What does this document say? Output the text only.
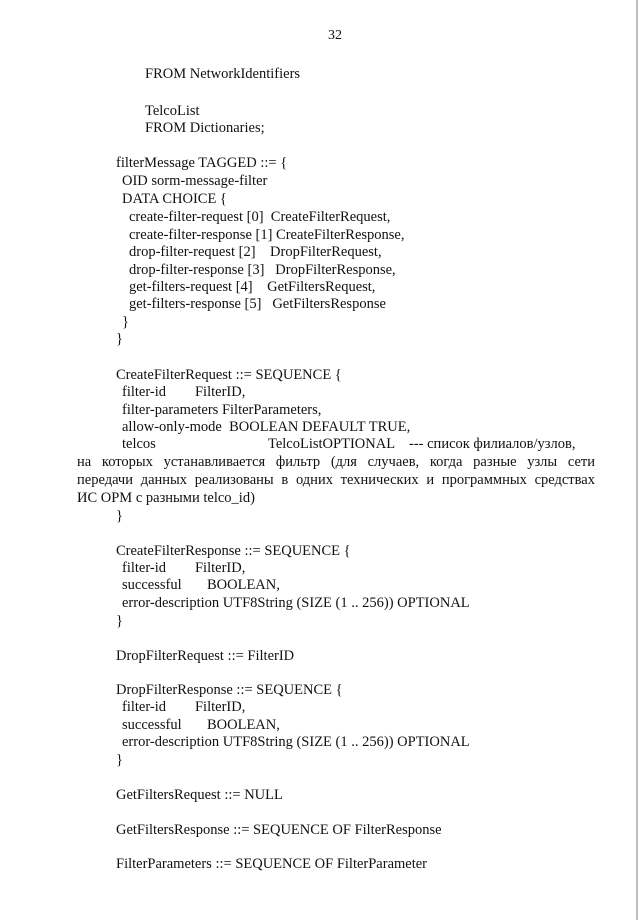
32
FROM NetworkIdentifiers
TelcoList
FROM Dictionaries;
filterMessage TAGGED ::= {
OID sorm-message-filter
DATA CHOICE {
create-filter-request [0]  CreateFilterRequest,
create-filter-response [1] CreateFilterResponse,
drop-filter-request [2]    DropFilterRequest,
drop-filter-response [3]   DropFilterResponse,
get-filters-request [4]    GetFiltersRequest,
get-filters-response [5]   GetFiltersResponse
}
}
CreateFilterRequest ::= SEQUENCE {
filter-id        FilterID,
filter-parameters FilterParameters,
allow-only-mode  BOOLEAN DEFAULT TRUE,
telcos	TelcoListOPTIONAL    --- список филиалов/узлов,
на которых устанавливается фильтр (для случаев, когда разные узлы сети
передачи данных реализованы в одних технических и программных средствах
ИС ОРМ с разными telco_id)
}
CreateFilterResponse ::= SEQUENCE {
filter-id        FilterID,
successful       BOOLEAN,
error-description UTF8String (SIZE (1 .. 256)) OPTIONAL
}
DropFilterRequest ::= FilterID
DropFilterResponse ::= SEQUENCE {
filter-id        FilterID,
successful       BOOLEAN,
error-description UTF8String (SIZE (1 .. 256)) OPTIONAL
}
GetFiltersRequest ::= NULL
GetFiltersResponse ::= SEQUENCE OF FilterResponse
FilterParameters ::= SEQUENCE OF FilterParameter
